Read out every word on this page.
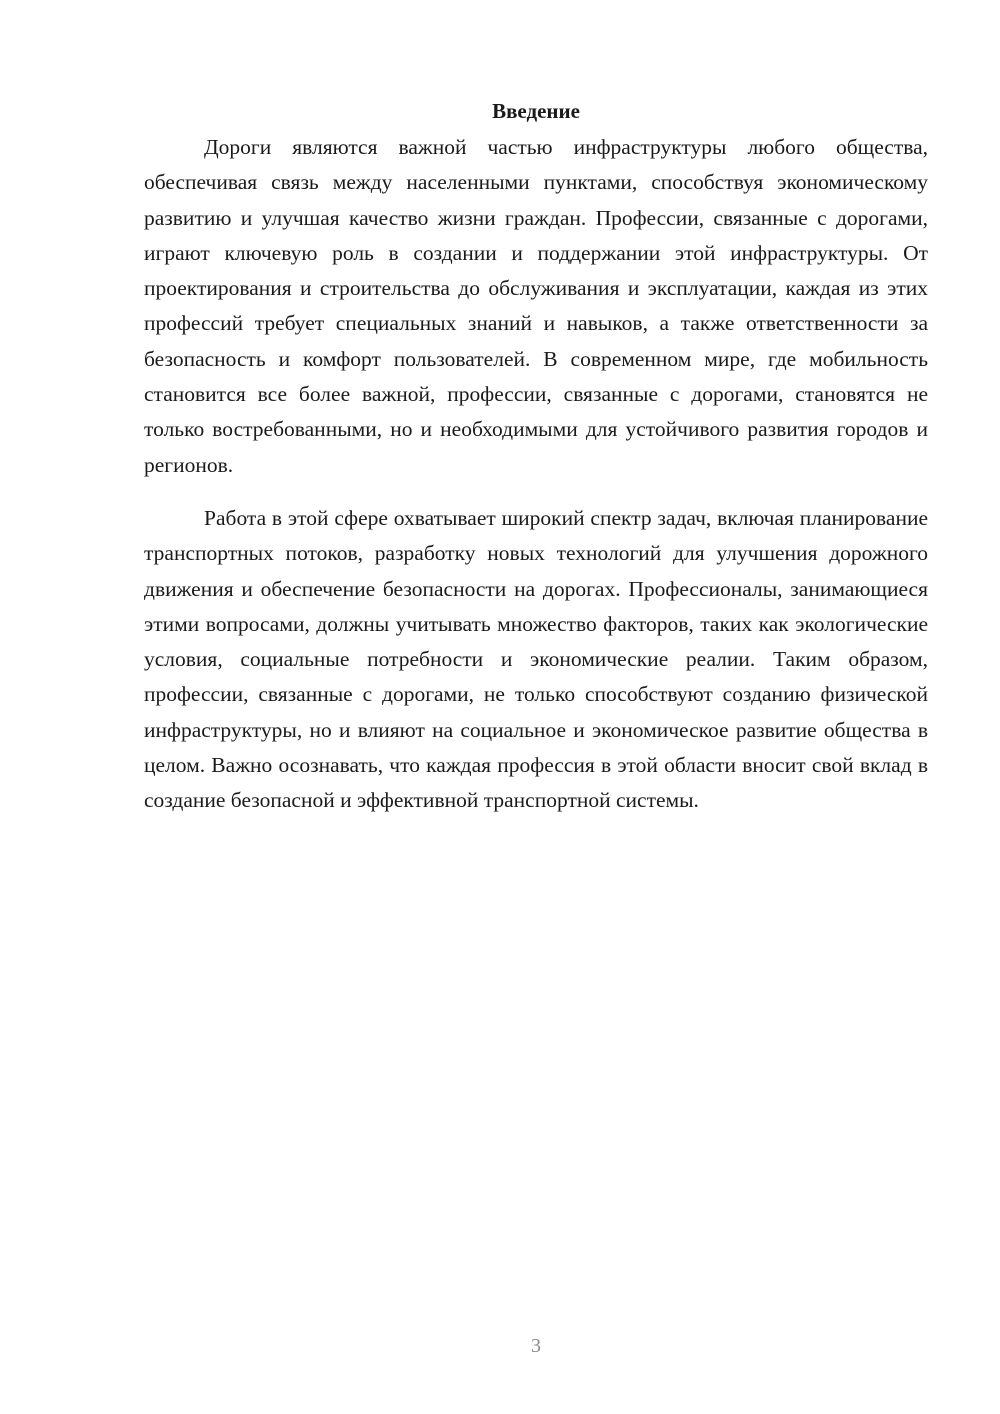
Введение

Дороги являются важной частью инфраструктуры любого общества, обеспечивая связь между населенными пунктами, способствуя экономическому развитию и улучшая качество жизни граждан. Профессии, связанные с дорогами, играют ключевую роль в создании и поддержании этой инфраструктуры. От проектирования и строительства до обслуживания и эксплуатации, каждая из этих профессий требует специальных знаний и навыков, а также ответственности за безопасность и комфорт пользователей. В современном мире, где мобильность становится все более важной, профессии, связанные с дорогами, становятся не только востребованными, но и необходимыми для устойчивого развития городов и регионов.

Работа в этой сфере охватывает широкий спектр задач, включая планирование транспортных потоков, разработку новых технологий для улучшения дорожного движения и обеспечение безопасности на дорогах. Профессионалы, занимающиеся этими вопросами, должны учитывать множество факторов, таких как экологические условия, социальные потребности и экономические реалии. Таким образом, профессии, связанные с дорогами, не только способствуют созданию физической инфраструктуры, но и влияют на социальное и экономическое развитие общества в целом. Важно осознавать, что каждая профессия в этой области вносит свой вклад в создание безопасной и эффективной транспортной системы.

3
